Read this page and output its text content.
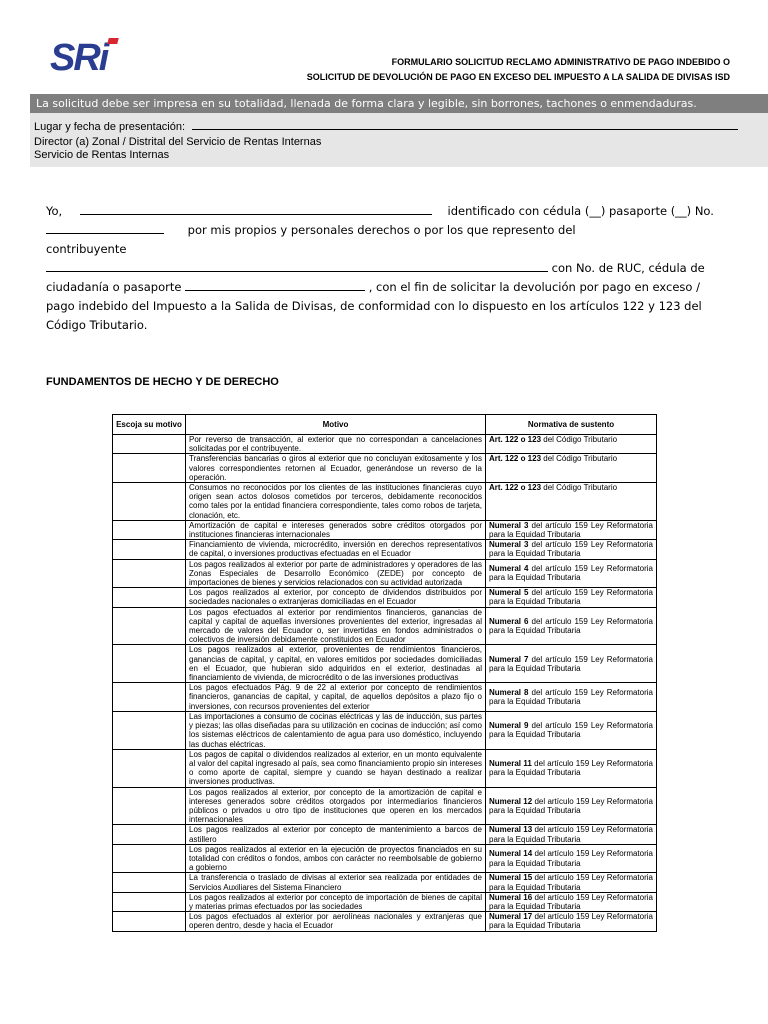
SRi	FORMULARIO SOLICITUD RECLAMO ADMINISTRATIVO DE PAGO INDEBIDO O
SOLICITUD DE DEVOLUCIÓN DE PAGO EN EXCESO DEL IMPUESTO A LA SALIDA DE DIVISAS ISD
La solicitud debe ser impresa en su totalidad, llenada de forma clara y legible, sin borrones, tachones o enmendaduras.
Lugar y fecha de presentación:
Director (a) Zonal / Distrital del Servicio de Rentas Internas
Servicio de Rentas Internas
Yo,	identificado con cédula (__) pasaporte (__) No.
por mis propios y personales derechos o por los que represento del
contribuyente
con No. de RUC, cédula de
ciudadanía o pasaporte	, con el fin de solicitar la devolución por pago en exceso /
pago indebido del Impuesto a la Salida de Divisas, de conformidad con lo dispuesto en los artículos 122 y 123 del
Código Tributario.
FUNDAMENTOS DE HECHO Y DE DERECHO
Escoja su motivo	Motivo	Normativa de sustento
	Por reverso de transacción, al exterior que no correspondan a cancelaciones solicitadas por el contribuyente.	Art. 122 o 123 del Código Tributario
	Transferencias bancarias o giros al exterior que no concluyan exitosamente y los valores correspondientes retornen al Ecuador, generándose un reverso de la operación.	Art. 122 o 123 del Código Tributario
	Consumos no reconocidos por los clientes de las instituciones financieras cuyo origen sean actos dolosos cometidos por terceros, debidamente reconocidos como tales por la entidad financiera correspondiente, tales como robos de tarjeta, clonación, etc.	Art. 122 o 123 del Código Tributario
	Amortización de capital e intereses generados sobre créditos otorgados por instituciones financieras internacionales	Numeral 3 del artículo 159 Ley Reformatoria para la Equidad Tributaria
	Financiamiento de vivienda, microcrédito, inversión en derechos representativos de capital, o inversiones productivas efectuadas en el Ecuador	Numeral 3 del artículo 159 Ley Reformatoria para la Equidad Tributaria
	Los pagos realizados al exterior por parte de administradores y operadores de las Zonas Especiales de Desarrollo Económico (ZEDE) por concepto de importaciones de bienes y servicios relacionados con su actividad autorizada	Numeral 4 del artículo 159 Ley Reformatoria para la Equidad Tributaria
	Los pagos realizados al exterior, por concepto de dividendos distribuidos por sociedades nacionales o extranjeras domiciliadas en el Ecuador	Numeral 5 del artículo 159 Ley Reformatoria para la Equidad Tributaria
	Los pagos efectuados al exterior por rendimientos financieros, ganancias de capital y capital de aquellas inversiones provenientes del exterior, ingresadas al mercado de valores del Ecuador o, ser invertidas en fondos administrados o colectivos de inversión debidamente constituidos en Ecuador	Numeral 6 del artículo 159 Ley Reformatoria para la Equidad Tributaria
	Los pagos realizados al exterior, provenientes de rendimientos financieros, ganancias de capital, y capital, en valores emitidos por sociedades domiciliadas en el Ecuador, que hubieran sido adquiridos en el exterior, destinadas al financiamiento de vivienda, de microcrédito o de las inversiones productivas	Numeral 7 del artículo 159 Ley Reformatoria para la Equidad Tributaria
	Los pagos efectuados Pág. 9 de 22 al exterior por concepto de rendimientos financieros, ganancias de capital, y capital, de aquellos depósitos a plazo fijo o inversiones, con recursos provenientes del exterior	Numeral 8 del artículo 159 Ley Reformatoria para la Equidad Tributaria
	Las importaciones a consumo de cocinas eléctricas y las de inducción, sus partes y piezas; las ollas diseñadas para su utilización en cocinas de inducción; así como los sistemas eléctricos de calentamiento de agua para uso doméstico, incluyendo las duchas eléctricas.	Numeral 9 del artículo 159 Ley Reformatoria para la Equidad Tributaria
	Los pagos de capital o dividendos realizados al exterior, en un monto equivalente al valor del capital ingresado al país, sea como financiamiento propio sin intereses o como aporte de capital, siempre y cuando se hayan destinado a realizar inversiones productivas.	Numeral 11 del artículo 159 Ley Reformatoria para la Equidad Tributaria
	Los pagos realizados al exterior, por concepto de la amortización de capital e intereses generados sobre créditos otorgados por intermediarios financieros públicos o privados u otro tipo de instituciones que operen en los mercados internacionales	Numeral 12 del artículo 159 Ley Reformatoria para la Equidad Tributaria
	Los pagos realizados al exterior por concepto de mantenimiento a barcos de astillero	Numeral 13 del artículo 159 Ley Reformatoria para la Equidad Tributaria
	Los pagos realizados al exterior en la ejecución de proyectos financiados en su totalidad con créditos o fondos, ambos con carácter no reembolsable de gobierno a gobierno	Numeral 14 del artículo 159 Ley Reformatoria para la Equidad Tributaria
	La transferencia o traslado de divisas al exterior sea realizada por entidades de Servicios Auxiliares del Sistema Financiero	Numeral 15 del artículo 159 Ley Reformatoria para la Equidad Tributaria
	Los pagos realizados al exterior por concepto de importación de bienes de capital y materias primas efectuados por las sociedades	Numeral 16 del artículo 159 Ley Reformatoria para la Equidad Tributaria
	Los pagos efectuados al exterior por aerolíneas nacionales y extranjeras que operen dentro, desde y hacia el Ecuador	Numeral 17 del artículo 159 Ley Reformatoria para la Equidad Tributaria
